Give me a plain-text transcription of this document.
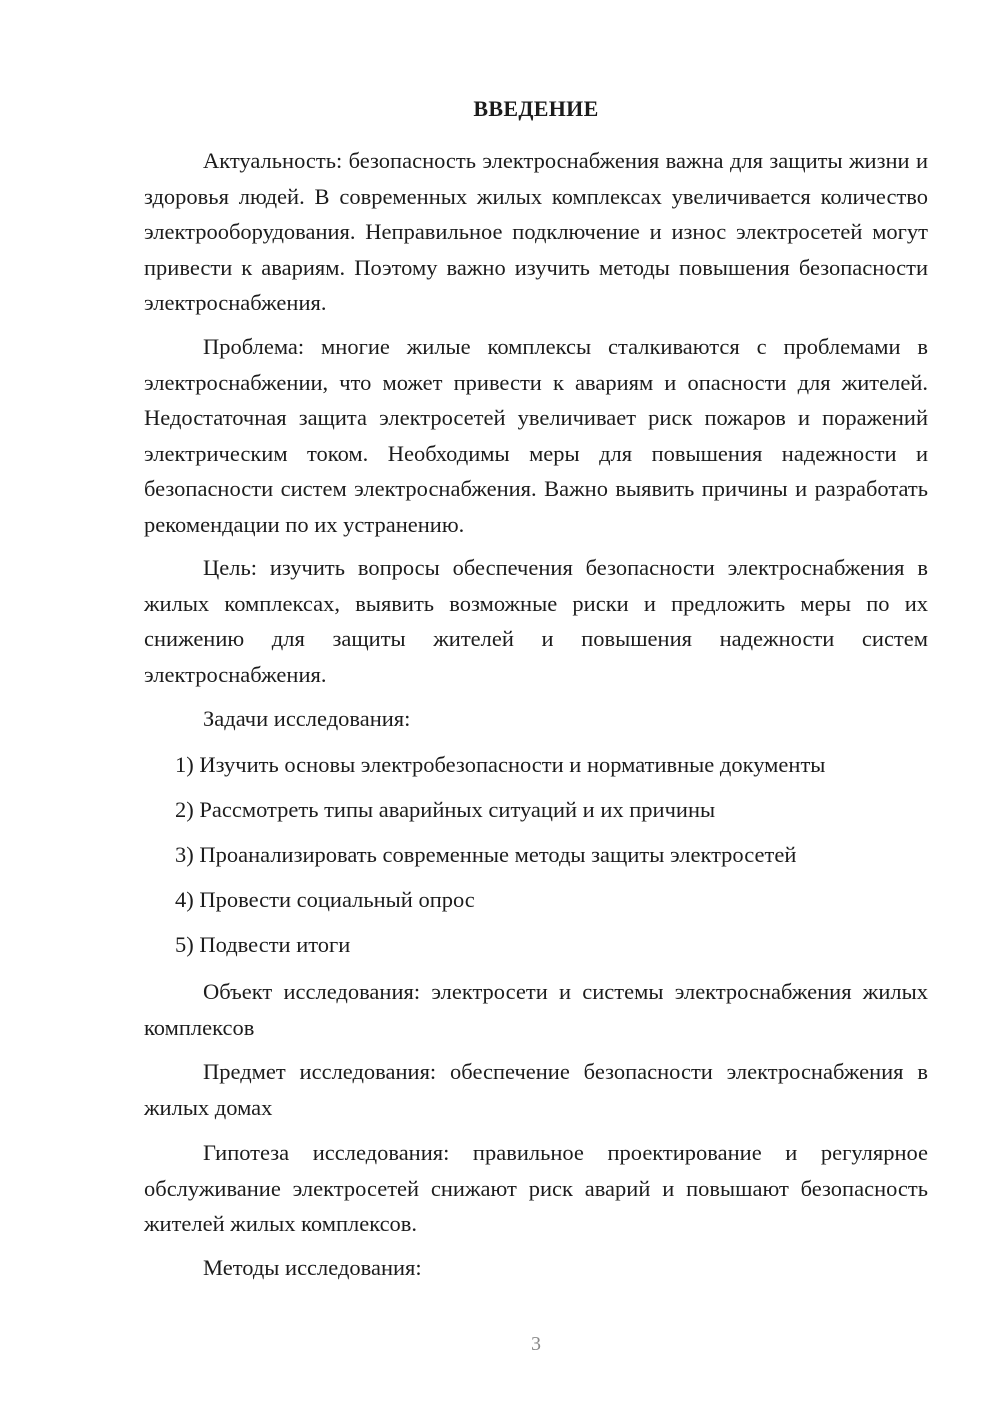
ВВЕДЕНИЕ

Актуальность: безопасность электроснабжения важна для защиты жизни и здоровья людей. В современных жилых комплексах увеличивается количество электрооборудования. Неправильное подключение и износ электросетей могут привести к авариям. Поэтому важно изучить методы повышения безопасности электроснабжения.

Проблема: многие жилые комплексы сталкиваются с проблемами в электроснабжении, что может привести к авариям и опасности для жителей. Недостаточная защита электросетей увеличивает риск пожаров и поражений электрическим током. Необходимы меры для повышения надежности и безопасности систем электроснабжения. Важно выявить причины и разработать рекомендации по их устранению.

Цель: изучить вопросы обеспечения безопасности электроснабжения в жилых комплексах, выявить возможные риски и предложить меры по их снижению для защиты жителей и повышения надежности систем электроснабжения.

Задачи исследования:

1) Изучить основы электробезопасности и нормативные документы

2) Рассмотреть типы аварийных ситуаций и их причины

3) Проанализировать современные методы защиты электросетей

4) Провести социальный опрос

5) Подвести итоги

Объект исследования: электросети и системы электроснабжения жилых комплексов

Предмет исследования: обеспечение безопасности электроснабжения в жилых домах

Гипотеза исследования: правильное проектирование и регулярное обслуживание электросетей снижают риск аварий и повышают безопасность жителей жилых комплексов.

Методы исследования:

3
